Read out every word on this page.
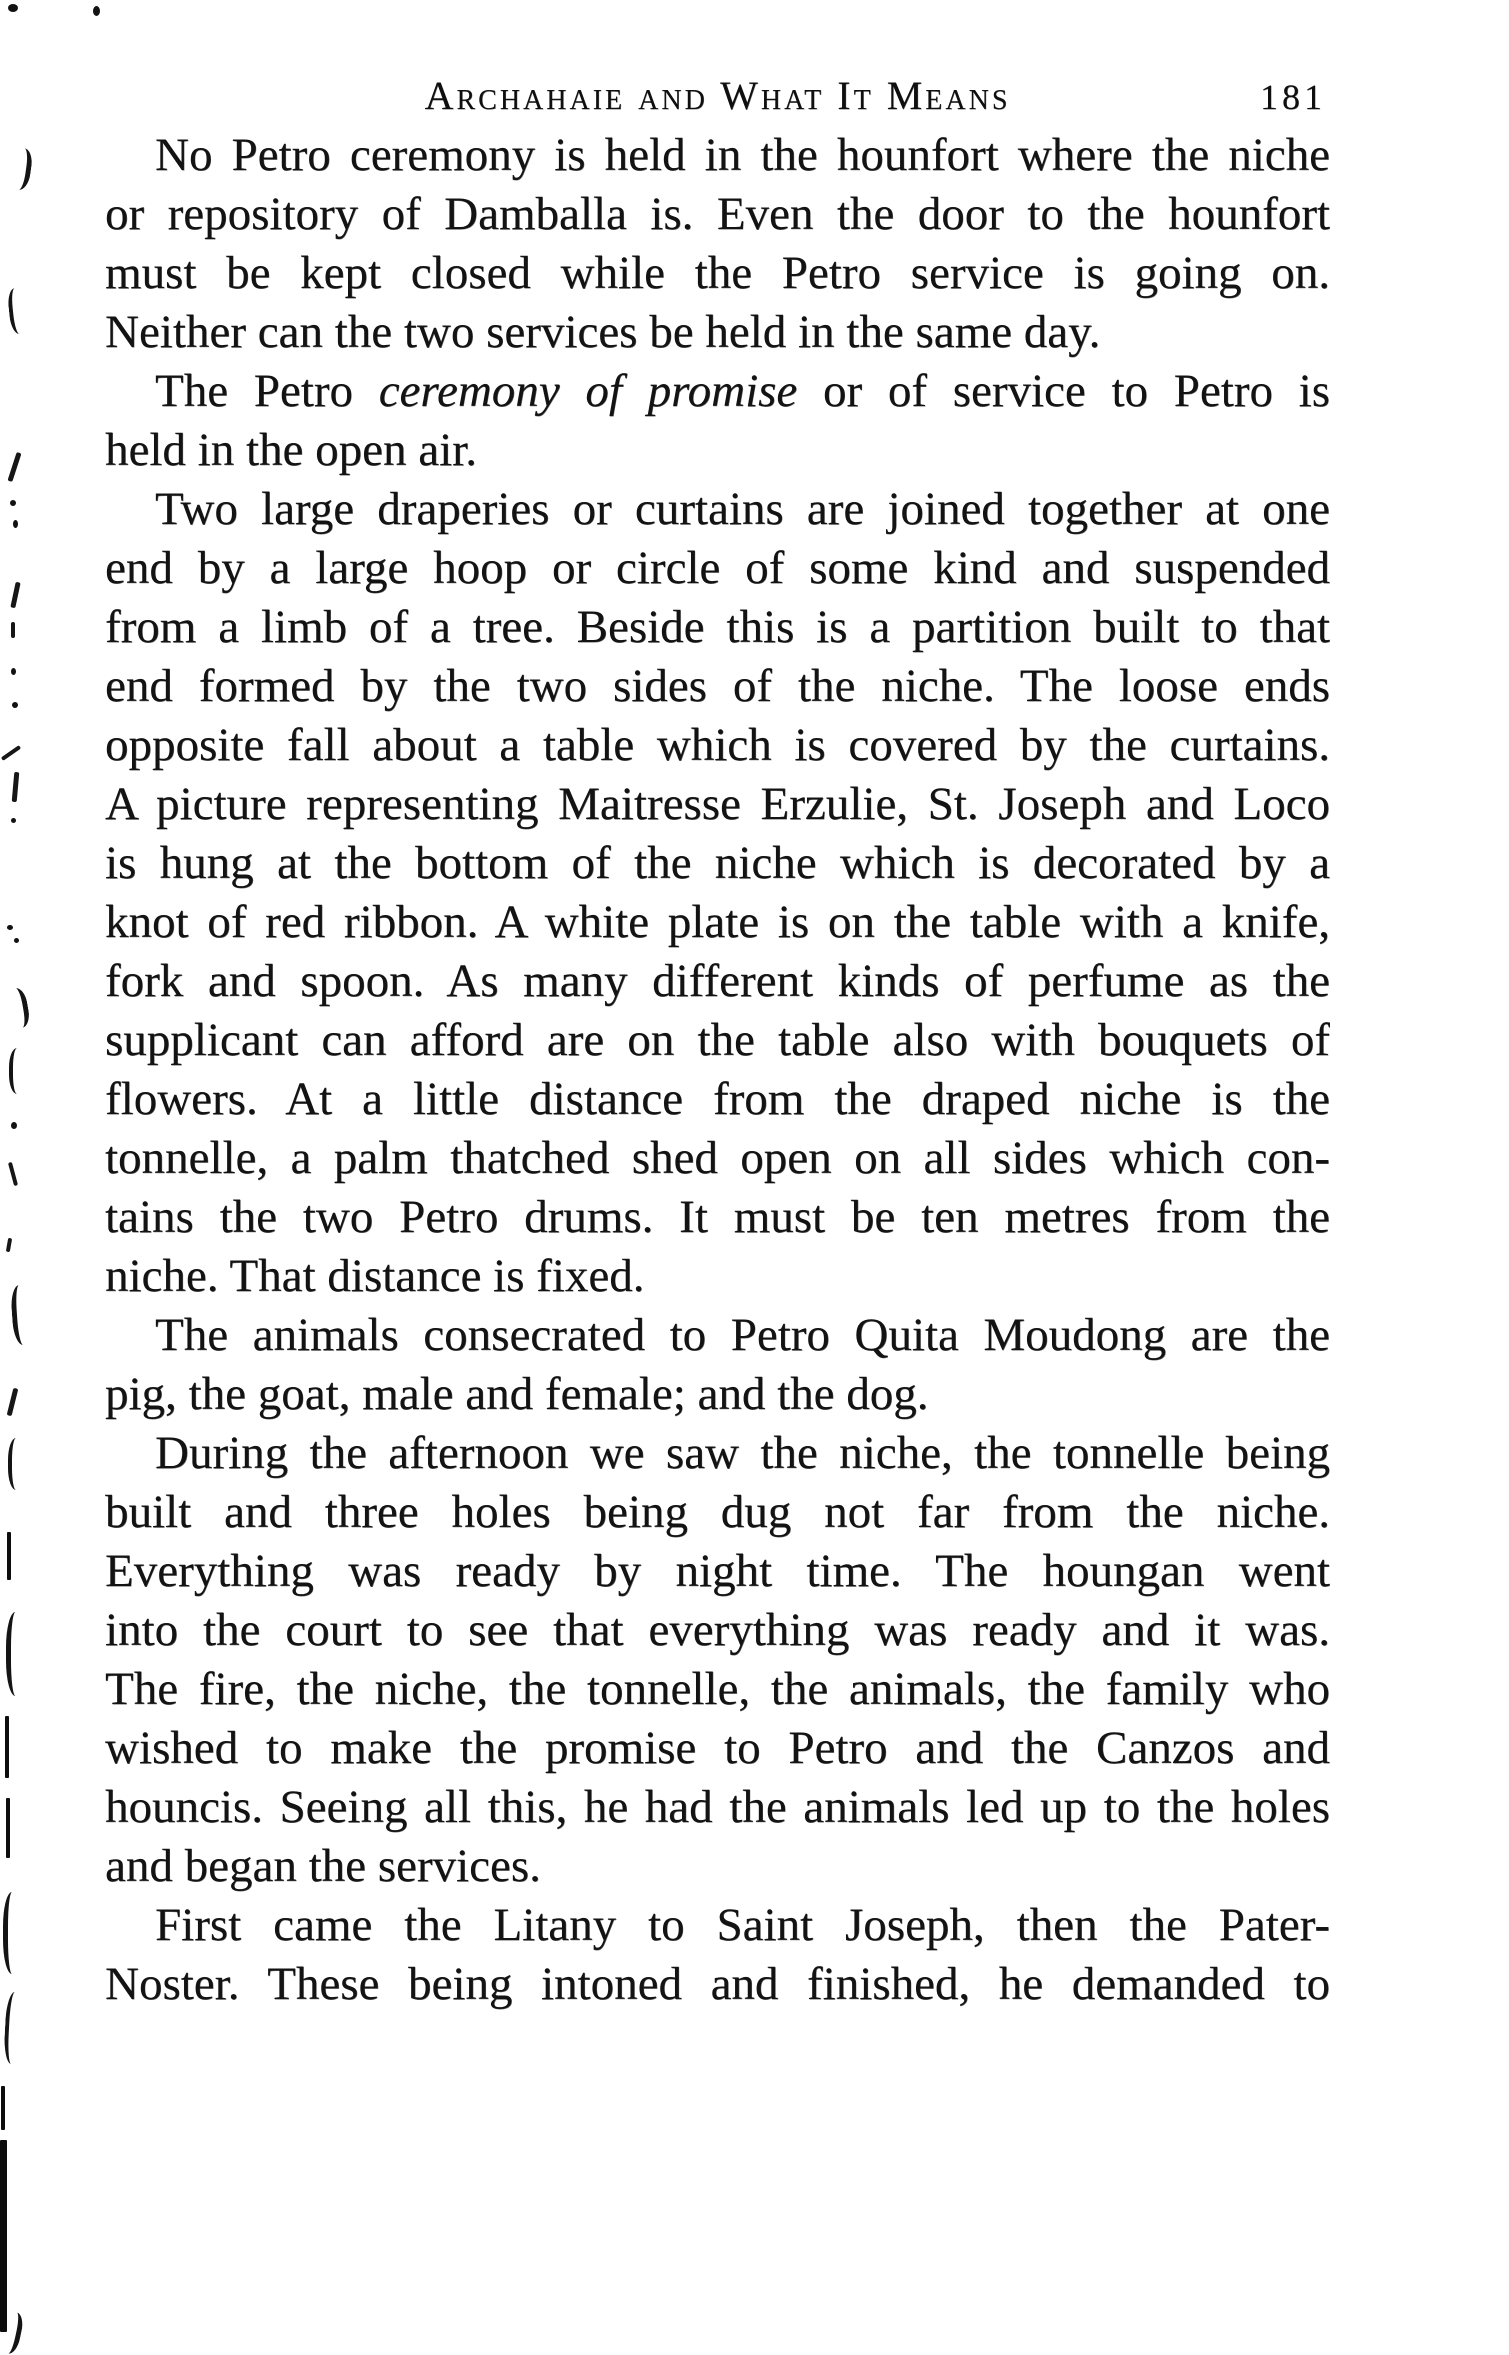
Archahaie and What It Means	181
No Petro ceremony is held in the hounfort where the niche
or repository of Damballa is. Even the door to the hounfort
must be kept closed while the Petro service is going on.
Neither can the two services be held in the same day.
The Petro ceremony of promise or of service to Petro is
held in the open air.
Two large draperies or curtains are joined together at one
end by a large hoop or circle of some kind and suspended
from a limb of a tree. Beside this is a partition built to that
end formed by the two sides of the niche. The loose ends
opposite fall about a table which is covered by the curtains.
A picture representing Maitresse Erzulie, St. Joseph and Loco
is hung at the bottom of the niche which is decorated by a
knot of red ribbon. A white plate is on the table with a knife,
fork and spoon. As many different kinds of perfume as the
supplicant can afford are on the table also with bouquets of
flowers. At a little distance from the draped niche is the
tonnelle, a palm thatched shed open on all sides which con-
tains the two Petro drums. It must be ten metres from the
niche. That distance is fixed.
The animals consecrated to Petro Quita Moudong are the
pig, the goat, male and female; and the dog.
During the afternoon we saw the niche, the tonnelle being
built and three holes being dug not far from the niche.
Everything was ready by night time. The houngan went
into the court to see that everything was ready and it was.
The fire, the niche, the tonnelle, the animals, the family who
wished to make the promise to Petro and the Canzos and
houncis. Seeing all this, he had the animals led up to the holes
and began the services.
First came the Litany to Saint Joseph, then the Pater-
Noster. These being intoned and finished, he demanded to
